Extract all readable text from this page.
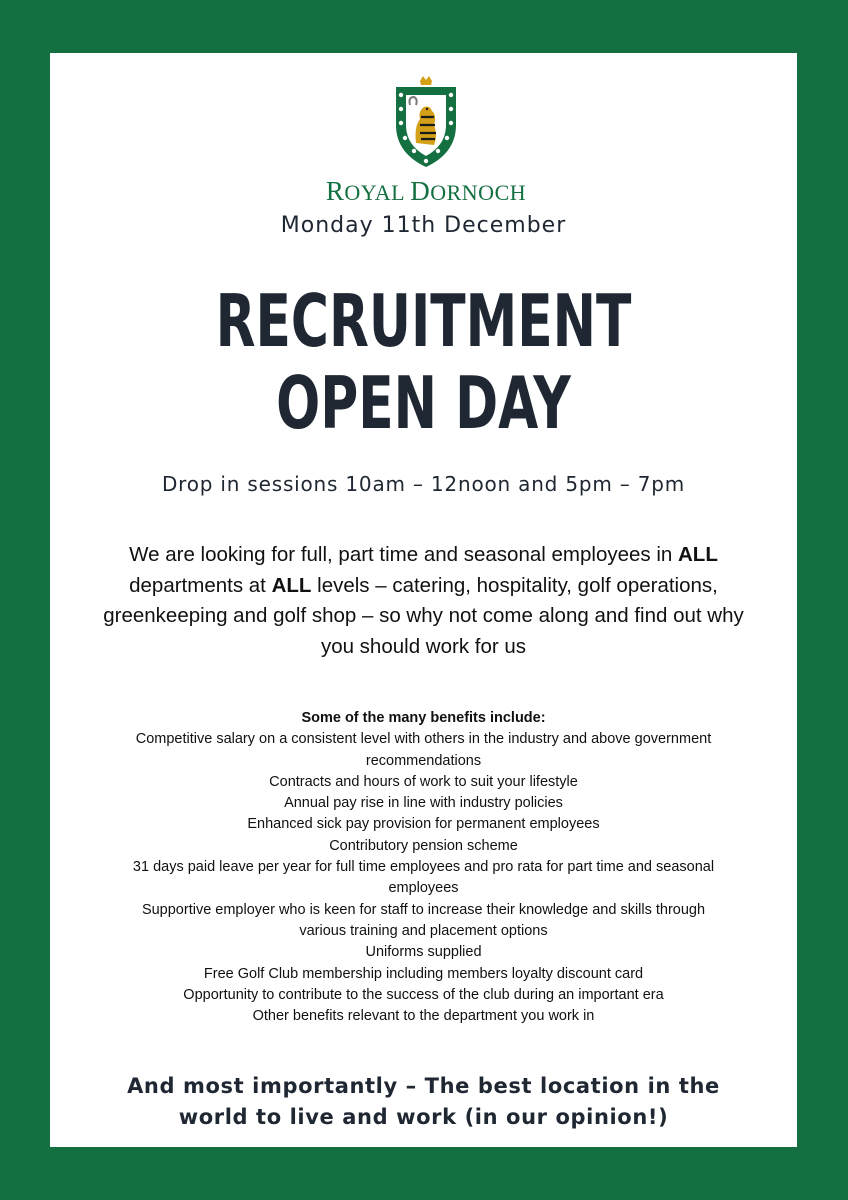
ROYAL DORNOCH
Monday 11th December
RECRUITMENT
OPEN DAY
Drop in sessions 10am – 12noon and 5pm – 7pm
We are looking for full, part time and seasonal employees in ALL departments at ALL levels – catering, hospitality, golf operations, greenkeeping and golf shop – so why not come along and find out why you should work for us
Some of the many benefits include:
Competitive salary on a consistent level with others in the industry and above government recommendations
Contracts and hours of work to suit your lifestyle
Annual pay rise in line with industry policies
Enhanced sick pay provision for permanent employees
Contributory pension scheme
31 days paid leave per year for full time employees and pro rata for part time and seasonal employees
Supportive employer who is keen for staff to increase their knowledge and skills through various training and placement options
Uniforms supplied
Free Golf Club membership including members loyalty discount card
Opportunity to contribute to the success of the club during an important era
Other benefits relevant to the department you work in
And most importantly – The best location in the world to live and work (in our opinion!)
